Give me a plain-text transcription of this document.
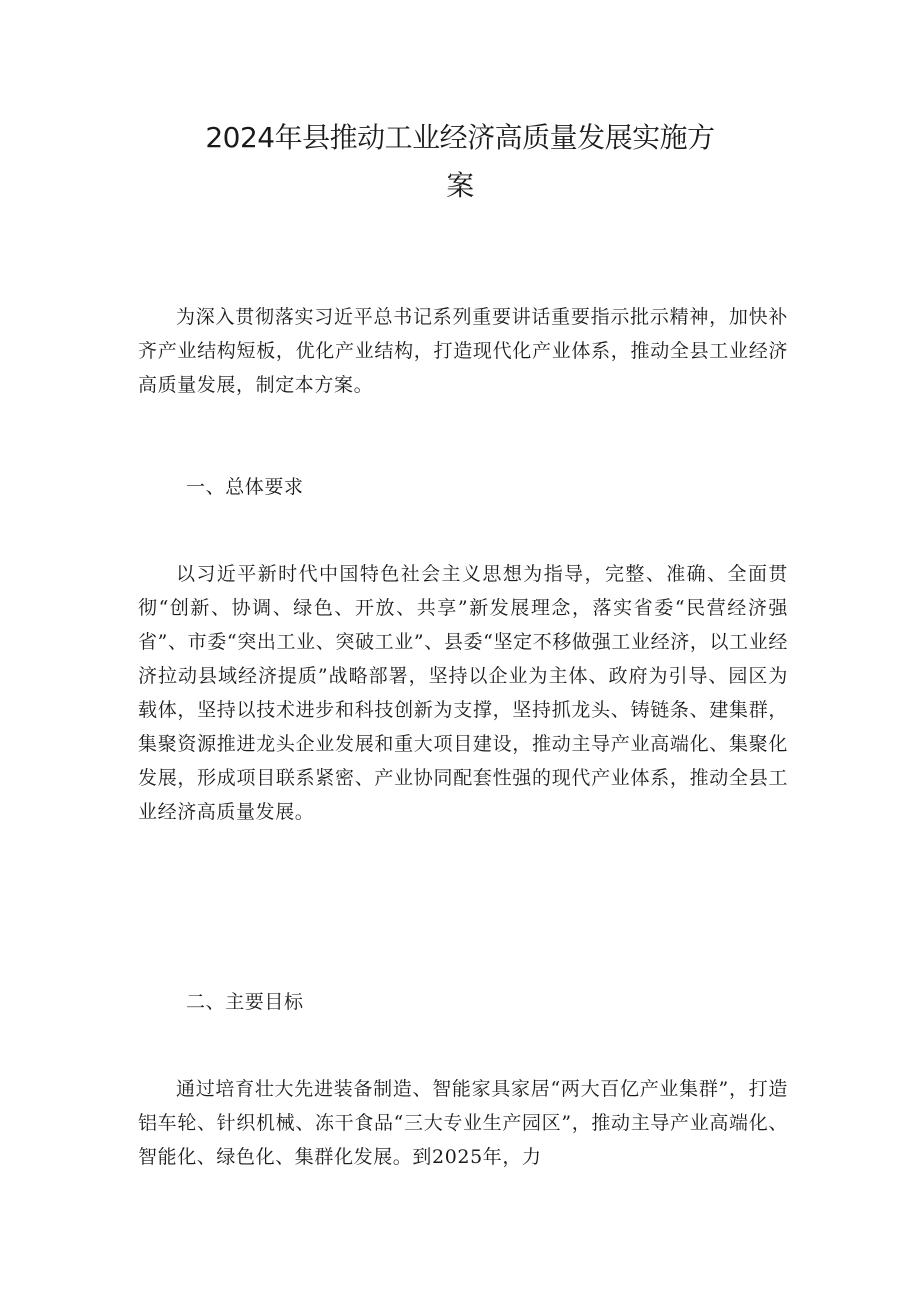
2024年县推动工业经济高质量发展实施方
案

为深入贯彻落实习近平总书记系列重要讲话重要指示批示精神，加快补齐产业结构短板，优化产业结构，打造现代化产业体系，推动全县工业经济高质量发展，制定本方案。

一、总体要求

以习近平新时代中国特色社会主义思想为指导，完整、准确、全面贯彻“创新、协调、绿色、开放、共享”新发展理念，落实省委“民营经济强省”、市委“突出工业、突破工业”、县委“坚定不移做强工业经济，以工业经济拉动县域经济提质”战略部署，坚持以企业为主体、政府为引导、园区为载体，坚持以技术进步和科技创新为支撑，坚持抓龙头、铸链条、建集群，集聚资源推进龙头企业发展和重大项目建设，推动主导产业高端化、集聚化发展，形成项目联系紧密、产业协同配套性强的现代产业体系，推动全县工业经济高质量发展。

二、主要目标

通过培育壮大先进装备制造、智能家具家居“两大百亿产业集群”，打造铝车轮、针织机械、冻干食品“三大专业生产园区”，推动主导产业高端化、智能化、绿色化、集群化发展。到2025年，力
